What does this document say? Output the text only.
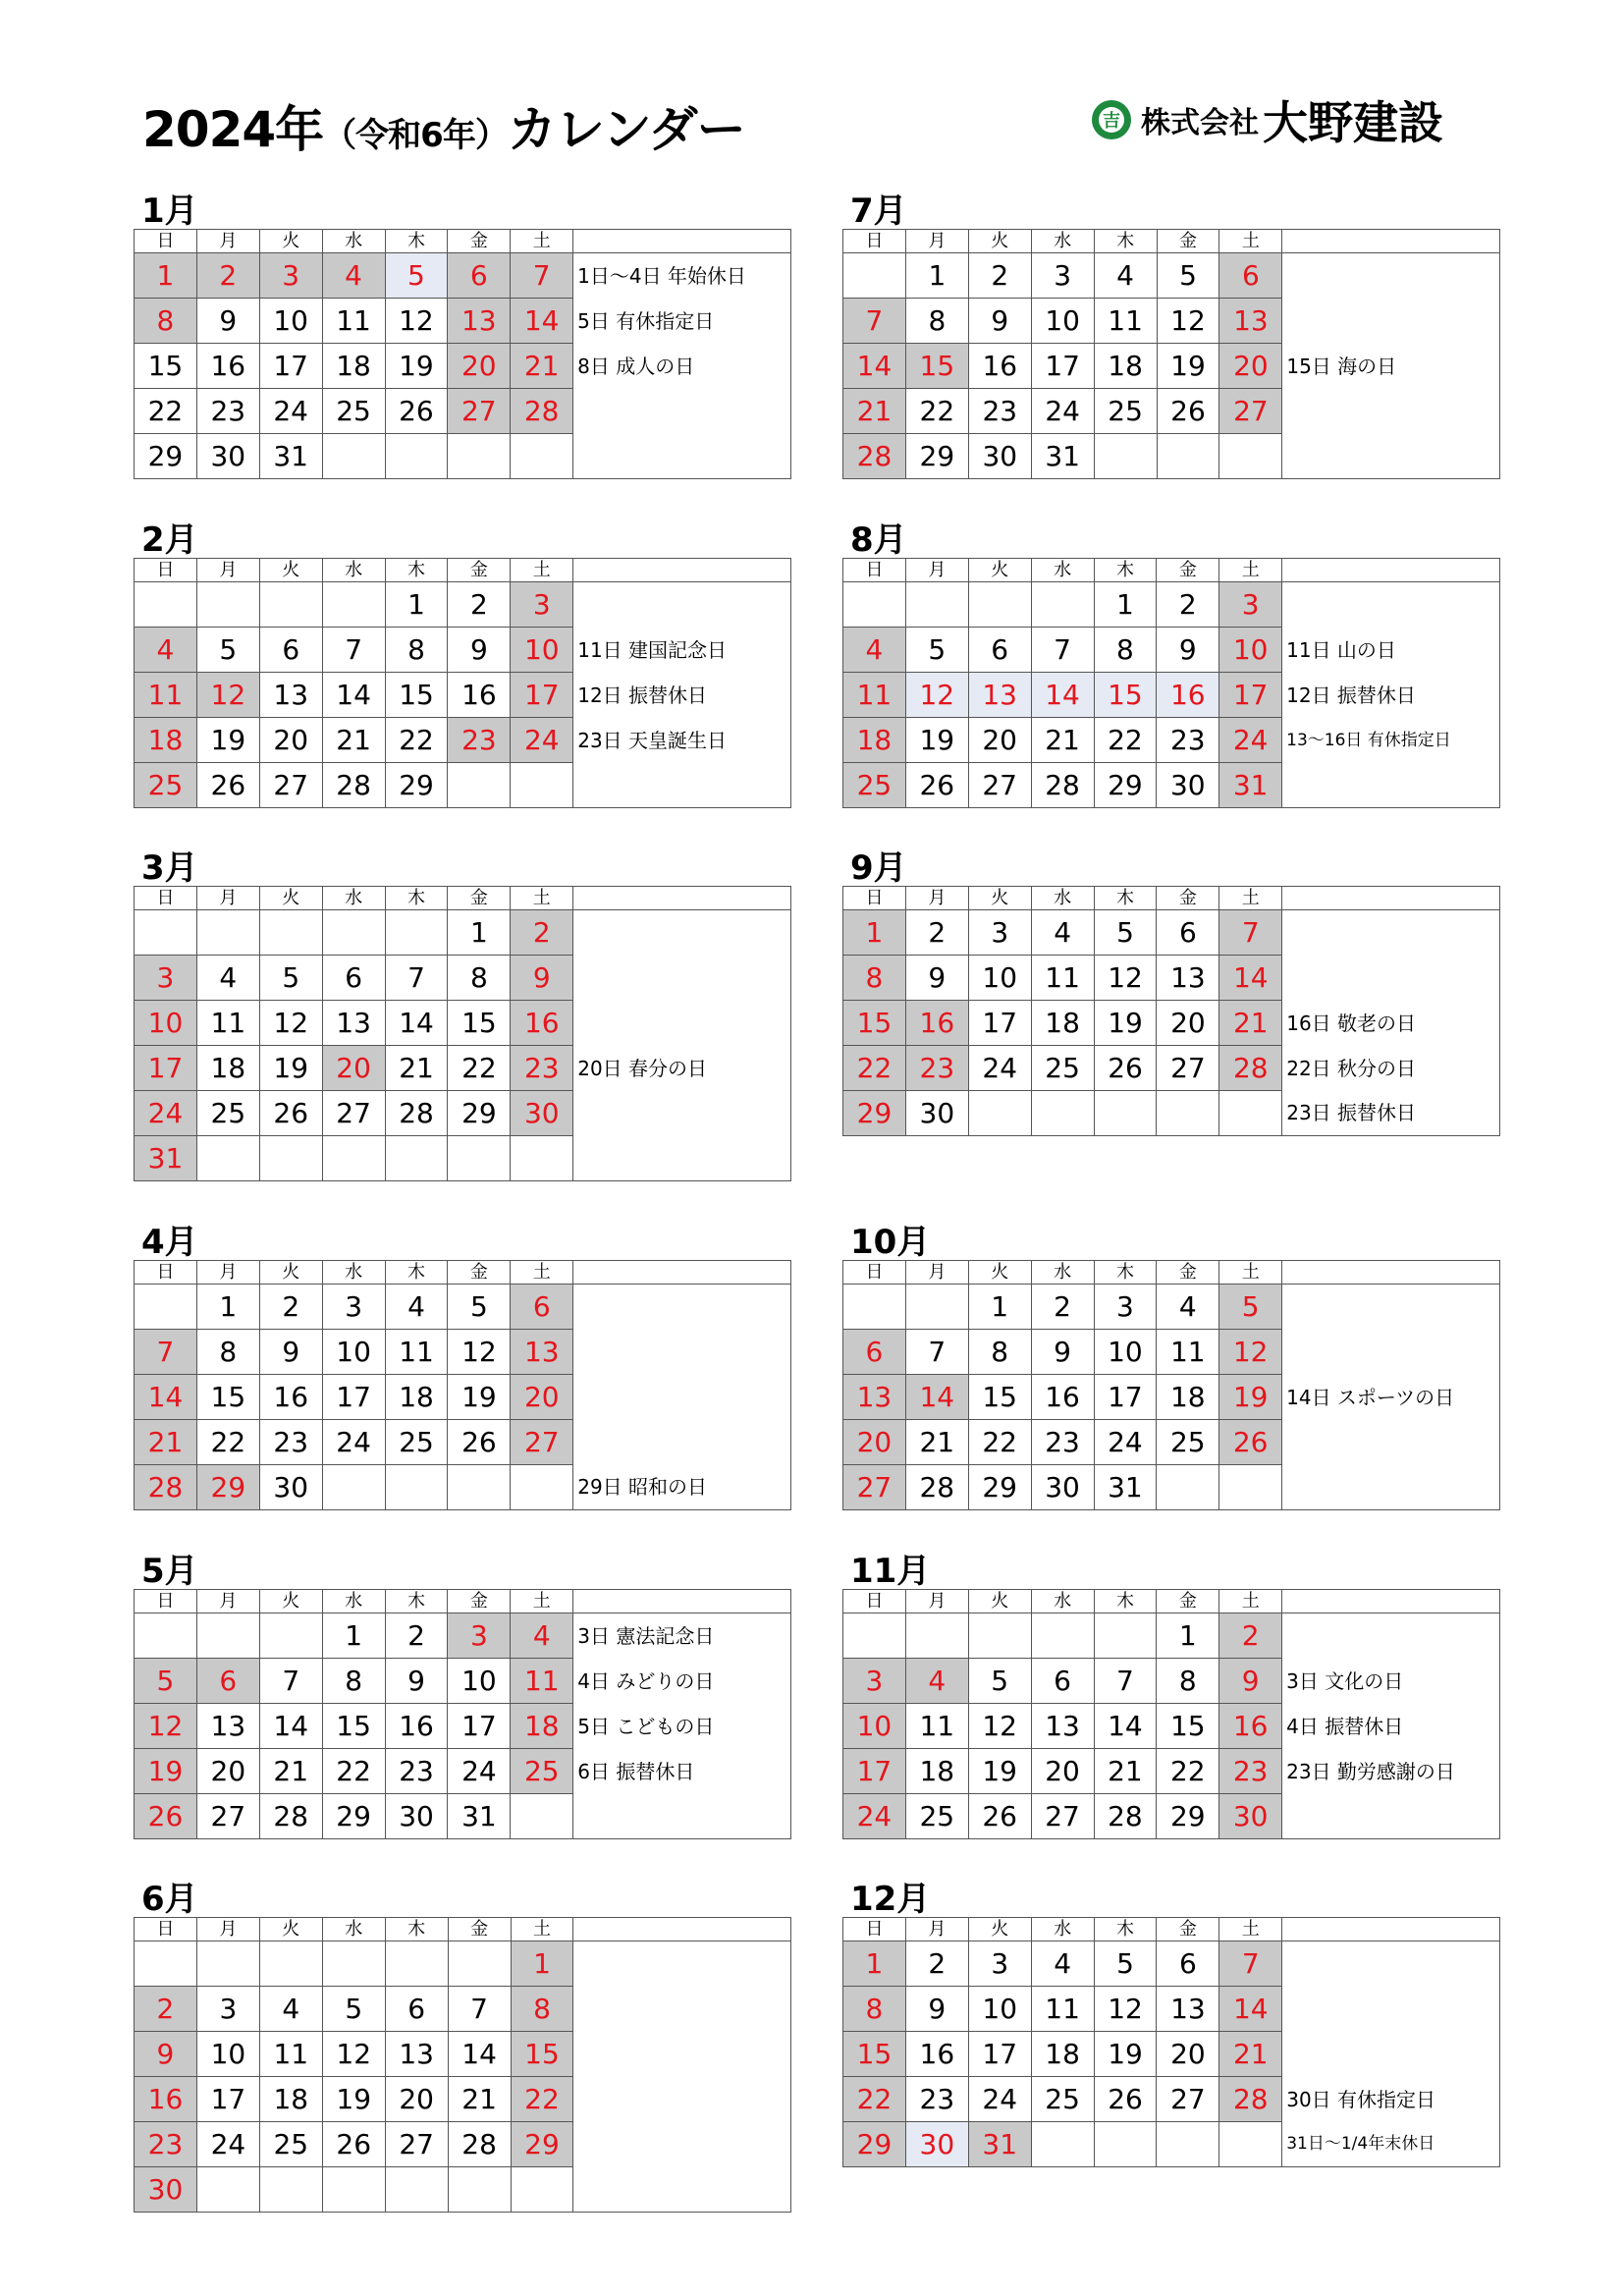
2024年（令和6年）カレンダー	吉 株式会社 大野建設
1月
日	月	火	水	木	金	土	
1	2	3	4	5	6	7	1日～4日 年始休日
8	9	10	11	12	13	14	5日 有休指定日
15	16	17	18	19	20	21	8日 成人の日
22	23	24	25	26	27	28	
29	30	31					
7月
日	月	火	水	木	金	土	
	1	2	3	4	5	6	
7	8	9	10	11	12	13	
14	15	16	17	18	19	20	15日 海の日
21	22	23	24	25	26	27	
28	29	30	31				
2月
日	月	火	水	木	金	土	
				1	2	3	
4	5	6	7	8	9	10	11日 建国記念日
11	12	13	14	15	16	17	12日 振替休日
18	19	20	21	22	23	24	23日 天皇誕生日
25	26	27	28	29			
8月
日	月	火	水	木	金	土	
				1	2	3	
4	5	6	7	8	9	10	11日 山の日
11	12	13	14	15	16	17	12日 振替休日
18	19	20	21	22	23	24	13～16日 有休指定日
25	26	27	28	29	30	31	
3月
日	月	火	水	木	金	土	
					1	2	
3	4	5	6	7	8	9	
10	11	12	13	14	15	16	
17	18	19	20	21	22	23	20日 春分の日
24	25	26	27	28	29	30	
31							
9月
日	月	火	水	木	金	土	
1	2	3	4	5	6	7	
8	9	10	11	12	13	14	
15	16	17	18	19	20	21	16日 敬老の日
22	23	24	25	26	27	28	22日 秋分の日
29	30						23日 振替休日
4月
日	月	火	水	木	金	土	
	1	2	3	4	5	6	
7	8	9	10	11	12	13	
14	15	16	17	18	19	20	
21	22	23	24	25	26	27	
28	29	30					29日 昭和の日
10月
日	月	火	水	木	金	土	
		1	2	3	4	5	
6	7	8	9	10	11	12	
13	14	15	16	17	18	19	14日 スポーツの日
20	21	22	23	24	25	26	
27	28	29	30	31			
5月
日	月	火	水	木	金	土	
			1	2	3	4	3日 憲法記念日
5	6	7	8	9	10	11	4日 みどりの日
12	13	14	15	16	17	18	5日 こどもの日
19	20	21	22	23	24	25	6日 振替休日
26	27	28	29	30	31		
11月
日	月	火	水	木	金	土	
					1	2	
3	4	5	6	7	8	9	3日 文化の日
10	11	12	13	14	15	16	4日 振替休日
17	18	19	20	21	22	23	23日 勤労感謝の日
24	25	26	27	28	29	30	
6月
日	月	火	水	木	金	土	
						1	
2	3	4	5	6	7	8	
9	10	11	12	13	14	15	
16	17	18	19	20	21	22	
23	24	25	26	27	28	29	
30							
12月
日	月	火	水	木	金	土	
1	2	3	4	5	6	7	
8	9	10	11	12	13	14	
15	16	17	18	19	20	21	
22	23	24	25	26	27	28	30日 有休指定日
29	30	31					31日～1/4年末休日
